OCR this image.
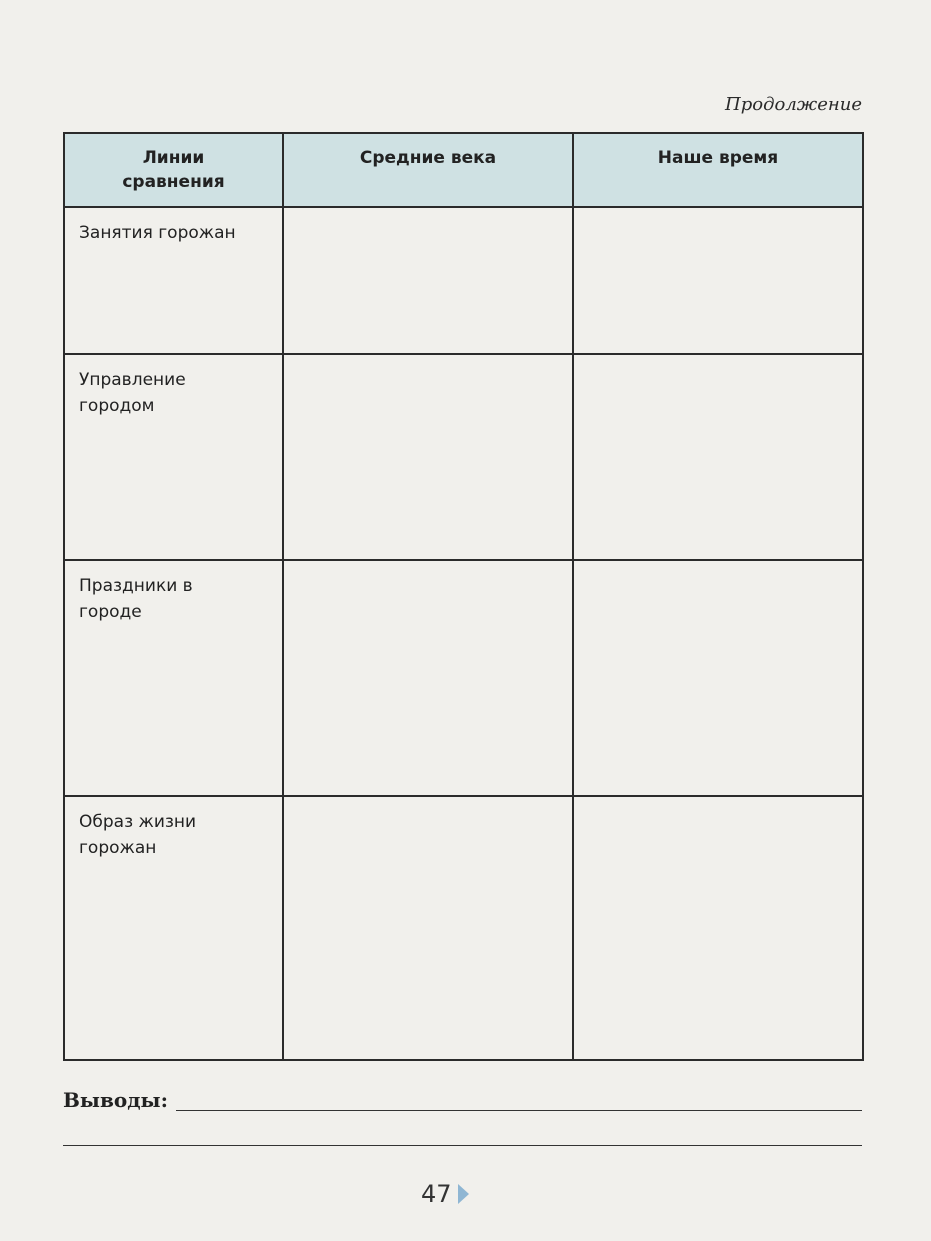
Продолжение
Линии сравнения	Средние века	Наше время
Занятия горожан		
Управление городом		
Праздники в городе		
Образ жизни горожан		
Выводы:
47
